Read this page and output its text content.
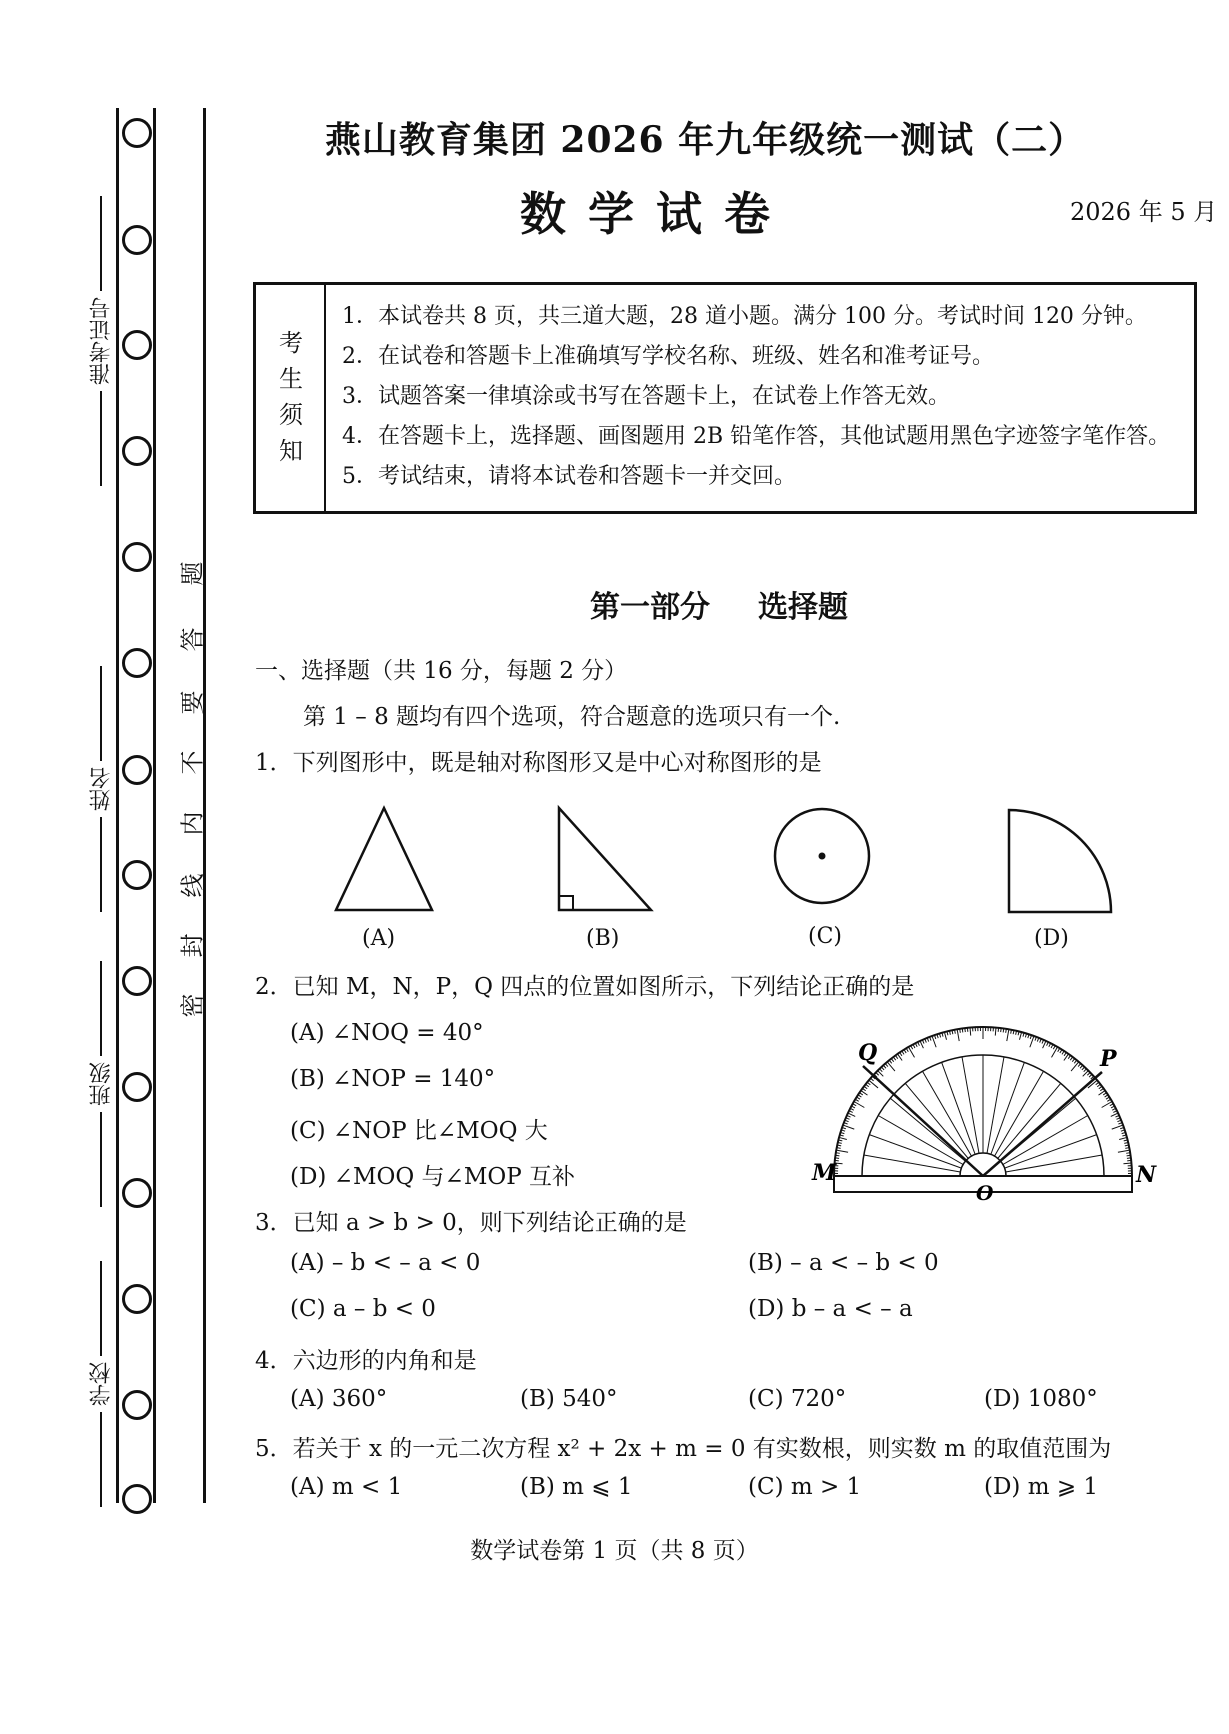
准考证号
姓名
班级
学校
密
封
线
内
不
要
答
题
燕山教育集团 2026 年九年级统一测试（二）
数学试卷	2026 年 5 月
考
生
须
知
1．本试卷共 8 页，共三道大题，28 道小题。满分 100 分。考试时间 120 分钟。
2．在试卷和答题卡上准确填写学校名称、班级、姓名和准考证号。
3．试题答案一律填涂或书写在答题卡上，在试卷上作答无效。
4．在答题卡上，选择题、画图题用 2B 铅笔作答，其他试题用黑色字迹签字笔作答。
5．考试结束，请将本试卷和答题卡一并交回。
第一部分 选择题
一、选择题（共 16 分，每题 2 分）
第 1 – 8 题均有四个选项，符合题意的选项只有一个.
1．下列图形中，既是轴对称图形又是中心对称图形的是
(A)	(B)	(C)	(D)
2．已知 M，N，P，Q 四点的位置如图所示，下列结论正确的是
(A) ∠NOQ = 40°
(B) ∠NOP = 140°
(C) ∠NOP 比∠MOQ 大
(D) ∠MOQ 与∠MOP 互补
Q	P
M	N
O
3．已知 a > b > 0，则下列结论正确的是
(A) – b < – a < 0	(B) – a < – b < 0
(C) a – b < 0	(D) b – a < – a
4．六边形的内角和是
(A) 360°	(B) 540°	(C) 720°	(D) 1080°
5．若关于 x 的一元二次方程 x² + 2x + m = 0 有实数根，则实数 m 的取值范围为
(A) m < 1	(B) m ⩽ 1	(C) m > 1	(D) m ⩾ 1
数学试卷第 1 页（共 8 页）
